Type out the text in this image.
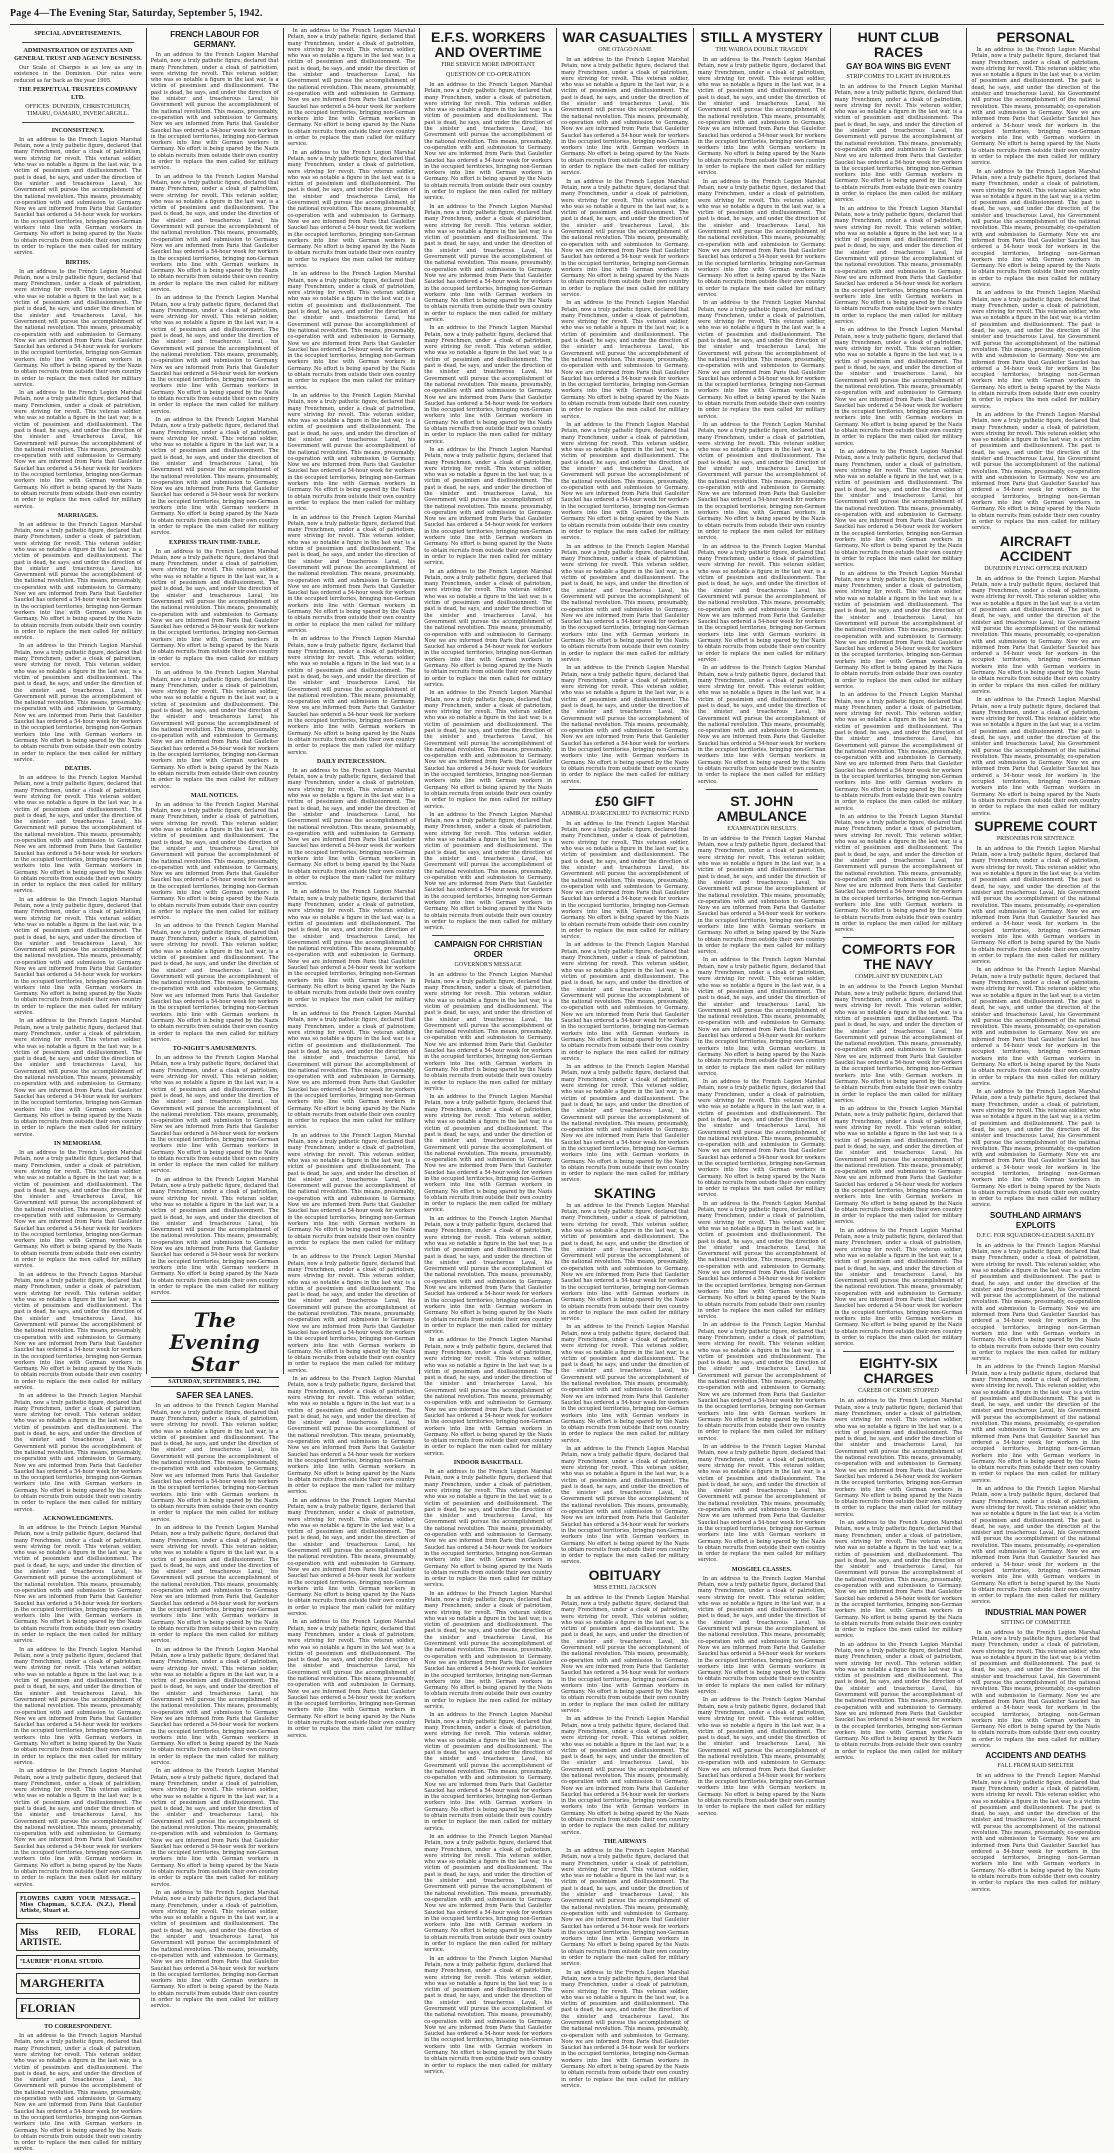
Page 4—The Evening Star, Saturday, September 5, 1942.
SPECIAL ADVERTISEMENTS.
ADMINISTRATION OF ESTATES AND GENERAL TRUST AND AGENCY BUSINESS.

Our Scale of Charges is as low as any in existence in the Dominion. Our rates were reduced as far back as the year 1905.

THE PERPETUAL TRUSTEES COMPANY LTD.
OFFICES: DUNEDIN, CHRISTCHURCH, TIMARU, OAMARU, INVERCARGILL.
INCONSISTENCY.

In an address to the French Legion Marshal Petain, now a truly pathetic figure, declared that many Frenchmen, under a cloak of patriotism, were striving for revolt. This veteran soldier, who was so notable a figure in the last war, is a victim of pessimism and disillusionment. The past is dead, he says, and under the direction of the sinister and treacherous Laval, his Government will pursue the accomplishment of the national revolution. This means, presumably, co-operation with and submission to Germany. Now we are informed from Paris that Gauleiter Sauckel has ordered a 54-hour week for workers in the occupied territories, bringing non-German workers into line with German workers in Germany. No effort is being spared by the Nazis to obtain recruits from outside their own country in order to replace the men called for military service.

BIRTHS.

In an address to the French Legion Marshal Petain, now a truly pathetic figure, declared that many Frenchmen, under a cloak of patriotism, were striving for revolt. This veteran soldier, who was so notable a figure in the last war, is a victim of pessimism and disillusionment. The past is dead, he says, and under the direction of the sinister and treacherous Laval, his Government will pursue the accomplishment of the national revolution. This means, presumably, co-operation with and submission to Germany. Now we are informed from Paris that Gauleiter Sauckel has ordered a 54-hour week for workers in the occupied territories, bringing non-German workers into line with German workers in Germany. No effort is being spared by the Nazis to obtain recruits from outside their own country in order to replace the men called for military service.

In an address to the French Legion Marshal Petain, now a truly pathetic figure, declared that many Frenchmen, under a cloak of patriotism, were striving for revolt. This veteran soldier, who was so notable a figure in the last war, is a victim of pessimism and disillusionment. The past is dead, he says, and under the direction of the sinister and treacherous Laval, his Government will pursue the accomplishment of the national revolution. This means, presumably, co-operation with and submission to Germany. Now we are informed from Paris that Gauleiter Sauckel has ordered a 54-hour week for workers in the occupied territories, bringing non-German workers into line with German workers in Germany. No effort is being spared by the Nazis to obtain recruits from outside their own country in order to replace the men called for military service.

MARRIAGES.

In an address to the French Legion Marshal Petain, now a truly pathetic figure, declared that many Frenchmen, under a cloak of patriotism, were striving for revolt. This veteran soldier, who was so notable a figure in the last war, is a victim of pessimism and disillusionment. The past is dead, he says, and under the direction of the sinister and treacherous Laval, his Government will pursue the accomplishment of the national revolution. This means, presumably, co-operation with and submission to Germany. Now we are informed from Paris that Gauleiter Sauckel has ordered a 54-hour week for workers in the occupied territories, bringing non-German workers into line with German workers in Germany. No effort is being spared by the Nazis to obtain recruits from outside their own country in order to replace the men called for military service.

In an address to the French Legion Marshal Petain, now a truly pathetic figure, declared that many Frenchmen, under a cloak of patriotism, were striving for revolt. This veteran soldier, who was so notable a figure in the last war, is a victim of pessimism and disillusionment. The past is dead, he says, and under the direction of the sinister and treacherous Laval, his Government will pursue the accomplishment of the national revolution. This means, presumably, co-operation with and submission to Germany. Now we are informed from Paris that Gauleiter Sauckel has ordered a 54-hour week for workers in the occupied territories, bringing non-German workers into line with German workers in Germany. No effort is being spared by the Nazis to obtain recruits from outside their own country in order to replace the men called for military service.

DEATHS.

In an address to the French Legion Marshal Petain, now a truly pathetic figure, declared that many Frenchmen, under a cloak of patriotism, were striving for revolt. This veteran soldier, who was so notable a figure in the last war, is a victim of pessimism and disillusionment. The past is dead, he says, and under the direction of the sinister and treacherous Laval, his Government will pursue the accomplishment of the national revolution. This means, presumably, co-operation with and submission to Germany. Now we are informed from Paris that Gauleiter Sauckel has ordered a 54-hour week for workers in the occupied territories, bringing non-German workers into line with German workers in Germany. No effort is being spared by the Nazis to obtain recruits from outside their own country in order to replace the men called for military service.

In an address to the French Legion Marshal Petain, now a truly pathetic figure, declared that many Frenchmen, under a cloak of patriotism, were striving for revolt. This veteran soldier, who was so notable a figure in the last war, is a victim of pessimism and disillusionment. The past is dead, he says, and under the direction of the sinister and treacherous Laval, his Government will pursue the accomplishment of the national revolution. This means, presumably, co-operation with and submission to Germany. Now we are informed from Paris that Gauleiter Sauckel has ordered a 54-hour week for workers in the occupied territories, bringing non-German workers into line with German workers in Germany. No effort is being spared by the Nazis to obtain recruits from outside their own country in order to replace the men called for military service.

In an address to the French Legion Marshal Petain, now a truly pathetic figure, declared that many Frenchmen, under a cloak of patriotism, were striving for revolt. This veteran soldier, who was so notable a figure in the last war, is a victim of pessimism and disillusionment. The past is dead, he says, and under the direction of the sinister and treacherous Laval, his Government will pursue the accomplishment of the national revolution. This means, presumably, co-operation with and submission to Germany. Now we are informed from Paris that Gauleiter Sauckel has ordered a 54-hour week for workers in the occupied territories, bringing non-German workers into line with German workers in Germany. No effort is being spared by the Nazis to obtain recruits from outside their own country in order to replace the men called for military service.

IN MEMORIAM.

In an address to the French Legion Marshal Petain, now a truly pathetic figure, declared that many Frenchmen, under a cloak of patriotism, were striving for revolt. This veteran soldier, who was so notable a figure in the last war, is a victim of pessimism and disillusionment. The past is dead, he says, and under the direction of the sinister and treacherous Laval, his Government will pursue the accomplishment of the national revolution. This means, presumably, co-operation with and submission to Germany. Now we are informed from Paris that Gauleiter Sauckel has ordered a 54-hour week for workers in the occupied territories, bringing non-German workers into line with German workers in Germany. No effort is being spared by the Nazis to obtain recruits from outside their own country in order to replace the men called for military service.

In an address to the French Legion Marshal Petain, now a truly pathetic figure, declared that many Frenchmen, under a cloak of patriotism, were striving for revolt. This veteran soldier, who was so notable a figure in the last war, is a victim of pessimism and disillusionment. The past is dead, he says, and under the direction of the sinister and treacherous Laval, his Government will pursue the accomplishment of the national revolution. This means, presumably, co-operation with and submission to Germany. Now we are informed from Paris that Gauleiter Sauckel has ordered a 54-hour week for workers in the occupied territories, bringing non-German workers into line with German workers in Germany. No effort is being spared by the Nazis to obtain recruits from outside their own country in order to replace the men called for military service.

In an address to the French Legion Marshal Petain, now a truly pathetic figure, declared that many Frenchmen, under a cloak of patriotism, were striving for revolt. This veteran soldier, who was so notable a figure in the last war, is a victim of pessimism and disillusionment. The past is dead, he says, and under the direction of the sinister and treacherous Laval, his Government will pursue the accomplishment of the national revolution. This means, presumably, co-operation with and submission to Germany. Now we are informed from Paris that Gauleiter Sauckel has ordered a 54-hour week for workers in the occupied territories, bringing non-German workers into line with German workers in Germany. No effort is being spared by the Nazis to obtain recruits from outside their own country in order to replace the men called for military service.

ACKNOWLEDGMENTS.

In an address to the French Legion Marshal Petain, now a truly pathetic figure, declared that many Frenchmen, under a cloak of patriotism, were striving for revolt. This veteran soldier, who was so notable a figure in the last war, is a victim of pessimism and disillusionment. The past is dead, he says, and under the direction of the sinister and treacherous Laval, his Government will pursue the accomplishment of the national revolution. This means, presumably, co-operation with and submission to Germany. Now we are informed from Paris that Gauleiter Sauckel has ordered a 54-hour week for workers in the occupied territories, bringing non-German workers into line with German workers in Germany. No effort is being spared by the Nazis to obtain recruits from outside their own country in order to replace the men called for military service.

In an address to the French Legion Marshal Petain, now a truly pathetic figure, declared that many Frenchmen, under a cloak of patriotism, were striving for revolt. This veteran soldier, who was so notable a figure in the last war, is a victim of pessimism and disillusionment. The past is dead, he says, and under the direction of the sinister and treacherous Laval, his Government will pursue the accomplishment of the national revolution. This means, presumably, co-operation with and submission to Germany. Now we are informed from Paris that Gauleiter Sauckel has ordered a 54-hour week for workers in the occupied territories, bringing non-German workers into line with German workers in Germany. No effort is being spared by the Nazis to obtain recruits from outside their own country in order to replace the men called for military service.

In an address to the French Legion Marshal Petain, now a truly pathetic figure, declared that many Frenchmen, under a cloak of patriotism, were striving for revolt. This veteran soldier, who was so notable a figure in the last war, is a victim of pessimism and disillusionment. The past is dead, he says, and under the direction of the sinister and treacherous Laval, his Government will pursue the accomplishment of the national revolution. This means, presumably, co-operation with and submission to Germany. Now we are informed from Paris that Gauleiter Sauckel has ordered a 54-hour week for workers in the occupied territories, bringing non-German workers into line with German workers in Germany. No effort is being spared by the Nazis to obtain recruits from outside their own country in order to replace the men called for military service.

FLOWERS CARRY YOUR MESSAGE.—Miss Chapman, S.C.F.A. (N.Z.), Floral Artiste, Stuart st.
Miss REID, FLORAL ARTISTE.
"LAURIER" FLORAL STUDIO.
MARGHERITA
FLORIAN
TO CORRESPONDENT.

In an address to the French Legion Marshal Petain, now a truly pathetic figure, declared that many Frenchmen, under a cloak of patriotism, were striving for revolt. This veteran soldier, who was so notable a figure in the last war, is a victim of pessimism and disillusionment. The past is dead, he says, and under the direction of the sinister and treacherous Laval, his Government will pursue the accomplishment of the national revolution. This means, presumably, co-operation with and submission to Germany. Now we are informed from Paris that Gauleiter Sauckel has ordered a 54-hour week for workers in the occupied territories, bringing non-German workers into line with German workers in Germany. No effort is being spared by the Nazis to obtain recruits from outside their own country in order to replace the men called for military service.

FRENCH LABOUR FOR GERMANY.

In an address to the French Legion Marshal Petain, now a truly pathetic figure, declared that many Frenchmen, under a cloak of patriotism, were striving for revolt. This veteran soldier, who was so notable a figure in the last war, is a victim of pessimism and disillusionment. The past is dead, he says, and under the direction of the sinister and treacherous Laval, his Government will pursue the accomplishment of the national revolution. This means, presumably, co-operation with and submission to Germany. Now we are informed from Paris that Gauleiter Sauckel has ordered a 54-hour week for workers in the occupied territories, bringing non-German workers into line with German workers in Germany. No effort is being spared by the Nazis to obtain recruits from outside their own country in order to replace the men called for military service.

In an address to the French Legion Marshal Petain, now a truly pathetic figure, declared that many Frenchmen, under a cloak of patriotism, were striving for revolt. This veteran soldier, who was so notable a figure in the last war, is a victim of pessimism and disillusionment. The past is dead, he says, and under the direction of the sinister and treacherous Laval, his Government will pursue the accomplishment of the national revolution. This means, presumably, co-operation with and submission to Germany. Now we are informed from Paris that Gauleiter Sauckel has ordered a 54-hour week for workers in the occupied territories, bringing non-German workers into line with German workers in Germany. No effort is being spared by the Nazis to obtain recruits from outside their own country in order to replace the men called for military service.

In an address to the French Legion Marshal Petain, now a truly pathetic figure, declared that many Frenchmen, under a cloak of patriotism, were striving for revolt. This veteran soldier, who was so notable a figure in the last war, is a victim of pessimism and disillusionment. The past is dead, he says, and under the direction of the sinister and treacherous Laval, his Government will pursue the accomplishment of the national revolution. This means, presumably, co-operation with and submission to Germany. Now we are informed from Paris that Gauleiter Sauckel has ordered a 54-hour week for workers in the occupied territories, bringing non-German workers into line with German workers in Germany. No effort is being spared by the Nazis to obtain recruits from outside their own country in order to replace the men called for military service.

In an address to the French Legion Marshal Petain, now a truly pathetic figure, declared that many Frenchmen, under a cloak of patriotism, were striving for revolt. This veteran soldier, who was so notable a figure in the last war, is a victim of pessimism and disillusionment. The past is dead, he says, and under the direction of the sinister and treacherous Laval, his Government will pursue the accomplishment of the national revolution. This means, presumably, co-operation with and submission to Germany. Now we are informed from Paris that Gauleiter Sauckel has ordered a 54-hour week for workers in the occupied territories, bringing non-German workers into line with German workers in Germany. No effort is being spared by the Nazis to obtain recruits from outside their own country in order to replace the men called for military service.

EXPRESS TRAIN TIME-TABLE.

In an address to the French Legion Marshal Petain, now a truly pathetic figure, declared that many Frenchmen, under a cloak of patriotism, were striving for revolt. This veteran soldier, who was so notable a figure in the last war, is a victim of pessimism and disillusionment. The past is dead, he says, and under the direction of the sinister and treacherous Laval, his Government will pursue the accomplishment of the national revolution. This means, presumably, co-operation with and submission to Germany. Now we are informed from Paris that Gauleiter Sauckel has ordered a 54-hour week for workers in the occupied territories, bringing non-German workers into line with German workers in Germany. No effort is being spared by the Nazis to obtain recruits from outside their own country in order to replace the men called for military service.

In an address to the French Legion Marshal Petain, now a truly pathetic figure, declared that many Frenchmen, under a cloak of patriotism, were striving for revolt. This veteran soldier, who was so notable a figure in the last war, is a victim of pessimism and disillusionment. The past is dead, he says, and under the direction of the sinister and treacherous Laval, his Government will pursue the accomplishment of the national revolution. This means, presumably, co-operation with and submission to Germany. Now we are informed from Paris that Gauleiter Sauckel has ordered a 54-hour week for workers in the occupied territories, bringing non-German workers into line with German workers in Germany. No effort is being spared by the Nazis to obtain recruits from outside their own country in order to replace the men called for military service.

MAIL NOTICES.

In an address to the French Legion Marshal Petain, now a truly pathetic figure, declared that many Frenchmen, under a cloak of patriotism, were striving for revolt. This veteran soldier, who was so notable a figure in the last war, is a victim of pessimism and disillusionment. The past is dead, he says, and under the direction of the sinister and treacherous Laval, his Government will pursue the accomplishment of the national revolution. This means, presumably, co-operation with and submission to Germany. Now we are informed from Paris that Gauleiter Sauckel has ordered a 54-hour week for workers in the occupied territories, bringing non-German workers into line with German workers in Germany. No effort is being spared by the Nazis to obtain recruits from outside their own country in order to replace the men called for military service.

In an address to the French Legion Marshal Petain, now a truly pathetic figure, declared that many Frenchmen, under a cloak of patriotism, were striving for revolt. This veteran soldier, who was so notable a figure in the last war, is a victim of pessimism and disillusionment. The past is dead, he says, and under the direction of the sinister and treacherous Laval, his Government will pursue the accomplishment of the national revolution. This means, presumably, co-operation with and submission to Germany. Now we are informed from Paris that Gauleiter Sauckel has ordered a 54-hour week for workers in the occupied territories, bringing non-German workers into line with German workers in Germany. No effort is being spared by the Nazis to obtain recruits from outside their own country in order to replace the men called for military service.

TO-NIGHT'S AMUSEMENTS.

In an address to the French Legion Marshal Petain, now a truly pathetic figure, declared that many Frenchmen, under a cloak of patriotism, were striving for revolt. This veteran soldier, who was so notable a figure in the last war, is a victim of pessimism and disillusionment. The past is dead, he says, and under the direction of the sinister and treacherous Laval, his Government will pursue the accomplishment of the national revolution. This means, presumably, co-operation with and submission to Germany. Now we are informed from Paris that Gauleiter Sauckel has ordered a 54-hour week for workers in the occupied territories, bringing non-German workers into line with German workers in Germany. No effort is being spared by the Nazis to obtain recruits from outside their own country in order to replace the men called for military service.

In an address to the French Legion Marshal Petain, now a truly pathetic figure, declared that many Frenchmen, under a cloak of patriotism, were striving for revolt. This veteran soldier, who was so notable a figure in the last war, is a victim of pessimism and disillusionment. The past is dead, he says, and under the direction of the sinister and treacherous Laval, his Government will pursue the accomplishment of the national revolution. This means, presumably, co-operation with and submission to Germany. Now we are informed from Paris that Gauleiter Sauckel has ordered a 54-hour week for workers in the occupied territories, bringing non-German workers into line with German workers in Germany. No effort is being spared by the Nazis to obtain recruits from outside their own country in order to replace the men called for military service.

The Evening Star
SATURDAY, SEPTEMBER 5, 1942.
SAFER SEA LANES.

In an address to the French Legion Marshal Petain, now a truly pathetic figure, declared that many Frenchmen, under a cloak of patriotism, were striving for revolt. This veteran soldier, who was so notable a figure in the last war, is a victim of pessimism and disillusionment. The past is dead, he says, and under the direction of the sinister and treacherous Laval, his Government will pursue the accomplishment of the national revolution. This means, presumably, co-operation with and submission to Germany. Now we are informed from Paris that Gauleiter Sauckel has ordered a 54-hour week for workers in the occupied territories, bringing non-German workers into line with German workers in Germany. No effort is being spared by the Nazis to obtain recruits from outside their own country in order to replace the men called for military service.

In an address to the French Legion Marshal Petain, now a truly pathetic figure, declared that many Frenchmen, under a cloak of patriotism, were striving for revolt. This veteran soldier, who was so notable a figure in the last war, is a victim of pessimism and disillusionment. The past is dead, he says, and under the direction of the sinister and treacherous Laval, his Government will pursue the accomplishment of the national revolution. This means, presumably, co-operation with and submission to Germany. Now we are informed from Paris that Gauleiter Sauckel has ordered a 54-hour week for workers in the occupied territories, bringing non-German workers into line with German workers in Germany. No effort is being spared by the Nazis to obtain recruits from outside their own country in order to replace the men called for military service.

In an address to the French Legion Marshal Petain, now a truly pathetic figure, declared that many Frenchmen, under a cloak of patriotism, were striving for revolt. This veteran soldier, who was so notable a figure in the last war, is a victim of pessimism and disillusionment. The past is dead, he says, and under the direction of the sinister and treacherous Laval, his Government will pursue the accomplishment of the national revolution. This means, presumably, co-operation with and submission to Germany. Now we are informed from Paris that Gauleiter Sauckel has ordered a 54-hour week for workers in the occupied territories, bringing non-German workers into line with German workers in Germany. No effort is being spared by the Nazis to obtain recruits from outside their own country in order to replace the men called for military service.

In an address to the French Legion Marshal Petain, now a truly pathetic figure, declared that many Frenchmen, under a cloak of patriotism, were striving for revolt. This veteran soldier, who was so notable a figure in the last war, is a victim of pessimism and disillusionment. The past is dead, he says, and under the direction of the sinister and treacherous Laval, his Government will pursue the accomplishment of the national revolution. This means, presumably, co-operation with and submission to Germany. Now we are informed from Paris that Gauleiter Sauckel has ordered a 54-hour week for workers in the occupied territories, bringing non-German workers into line with German workers in Germany. No effort is being spared by the Nazis to obtain recruits from outside their own country in order to replace the men called for military service.

In an address to the French Legion Marshal Petain, now a truly pathetic figure, declared that many Frenchmen, under a cloak of patriotism, were striving for revolt. This veteran soldier, who was so notable a figure in the last war, is a victim of pessimism and disillusionment. The past is dead, he says, and under the direction of the sinister and treacherous Laval, his Government will pursue the accomplishment of the national revolution. This means, presumably, co-operation with and submission to Germany. Now we are informed from Paris that Gauleiter Sauckel has ordered a 54-hour week for workers in the occupied territories, bringing non-German workers into line with German workers in Germany. No effort is being spared by the Nazis to obtain recruits from outside their own country in order to replace the men called for military service.

In an address to the French Legion Marshal Petain, now a truly pathetic figure, declared that many Frenchmen, under a cloak of patriotism, were striving for revolt. This veteran soldier, who was so notable a figure in the last war, is a victim of pessimism and disillusionment. The past is dead, he says, and under the direction of the sinister and treacherous Laval, his Government will pursue the accomplishment of the national revolution. This means, presumably, co-operation with and submission to Germany. Now we are informed from Paris that Gauleiter Sauckel has ordered a 54-hour week for workers in the occupied territories, bringing non-German workers into line with German workers in Germany. No effort is being spared by the Nazis to obtain recruits from outside their own country in order to replace the men called for military service.

In an address to the French Legion Marshal Petain, now a truly pathetic figure, declared that many Frenchmen, under a cloak of patriotism, were striving for revolt. This veteran soldier, who was so notable a figure in the last war, is a victim of pessimism and disillusionment. The past is dead, he says, and under the direction of the sinister and treacherous Laval, his Government will pursue the accomplishment of the national revolution. This means, presumably, co-operation with and submission to Germany. Now we are informed from Paris that Gauleiter Sauckel has ordered a 54-hour week for workers in the occupied territories, bringing non-German workers into line with German workers in Germany. No effort is being spared by the Nazis to obtain recruits from outside their own country in order to replace the men called for military service.

In an address to the French Legion Marshal Petain, now a truly pathetic figure, declared that many Frenchmen, under a cloak of patriotism, were striving for revolt. This veteran soldier, who was so notable a figure in the last war, is a victim of pessimism and disillusionment. The past is dead, he says, and under the direction of the sinister and treacherous Laval, his Government will pursue the accomplishment of the national revolution. This means, presumably, co-operation with and submission to Germany. Now we are informed from Paris that Gauleiter Sauckel has ordered a 54-hour week for workers in the occupied territories, bringing non-German workers into line with German workers in Germany. No effort is being spared by the Nazis to obtain recruits from outside their own country in order to replace the men called for military service.

In an address to the French Legion Marshal Petain, now a truly pathetic figure, declared that many Frenchmen, under a cloak of patriotism, were striving for revolt. This veteran soldier, who was so notable a figure in the last war, is a victim of pessimism and disillusionment. The past is dead, he says, and under the direction of the sinister and treacherous Laval, his Government will pursue the accomplishment of the national revolution. This means, presumably, co-operation with and submission to Germany. Now we are informed from Paris that Gauleiter Sauckel has ordered a 54-hour week for workers in the occupied territories, bringing non-German workers into line with German workers in Germany. No effort is being spared by the Nazis to obtain recruits from outside their own country in order to replace the men called for military service.

In an address to the French Legion Marshal Petain, now a truly pathetic figure, declared that many Frenchmen, under a cloak of patriotism, were striving for revolt. This veteran soldier, who was so notable a figure in the last war, is a victim of pessimism and disillusionment. The past is dead, he says, and under the direction of the sinister and treacherous Laval, his Government will pursue the accomplishment of the national revolution. This means, presumably, co-operation with and submission to Germany. Now we are informed from Paris that Gauleiter Sauckel has ordered a 54-hour week for workers in the occupied territories, bringing non-German workers into line with German workers in Germany. No effort is being spared by the Nazis to obtain recruits from outside their own country in order to replace the men called for military service.

In an address to the French Legion Marshal Petain, now a truly pathetic figure, declared that many Frenchmen, under a cloak of patriotism, were striving for revolt. This veteran soldier, who was so notable a figure in the last war, is a victim of pessimism and disillusionment. The past is dead, he says, and under the direction of the sinister and treacherous Laval, his Government will pursue the accomplishment of the national revolution. This means, presumably, co-operation with and submission to Germany. Now we are informed from Paris that Gauleiter Sauckel has ordered a 54-hour week for workers in the occupied territories, bringing non-German workers into line with German workers in Germany. No effort is being spared by the Nazis to obtain recruits from outside their own country in order to replace the men called for military service.

DAILY INTERCESSION.

In an address to the French Legion Marshal Petain, now a truly pathetic figure, declared that many Frenchmen, under a cloak of patriotism, were striving for revolt. This veteran soldier, who was so notable a figure in the last war, is a victim of pessimism and disillusionment. The past is dead, he says, and under the direction of the sinister and treacherous Laval, his Government will pursue the accomplishment of the national revolution. This means, presumably, co-operation with and submission to Germany. Now we are informed from Paris that Gauleiter Sauckel has ordered a 54-hour week for workers in the occupied territories, bringing non-German workers into line with German workers in Germany. No effort is being spared by the Nazis to obtain recruits from outside their own country in order to replace the men called for military service.

In an address to the French Legion Marshal Petain, now a truly pathetic figure, declared that many Frenchmen, under a cloak of patriotism, were striving for revolt. This veteran soldier, who was so notable a figure in the last war, is a victim of pessimism and disillusionment. The past is dead, he says, and under the direction of the sinister and treacherous Laval, his Government will pursue the accomplishment of the national revolution. This means, presumably, co-operation with and submission to Germany. Now we are informed from Paris that Gauleiter Sauckel has ordered a 54-hour week for workers in the occupied territories, bringing non-German workers into line with German workers in Germany. No effort is being spared by the Nazis to obtain recruits from outside their own country in order to replace the men called for military service.

In an address to the French Legion Marshal Petain, now a truly pathetic figure, declared that many Frenchmen, under a cloak of patriotism, were striving for revolt. This veteran soldier, who was so notable a figure in the last war, is a victim of pessimism and disillusionment. The past is dead, he says, and under the direction of the sinister and treacherous Laval, his Government will pursue the accomplishment of the national revolution. This means, presumably, co-operation with and submission to Germany. Now we are informed from Paris that Gauleiter Sauckel has ordered a 54-hour week for workers in the occupied territories, bringing non-German workers into line with German workers in Germany. No effort is being spared by the Nazis to obtain recruits from outside their own country in order to replace the men called for military service.

In an address to the French Legion Marshal Petain, now a truly pathetic figure, declared that many Frenchmen, under a cloak of patriotism, were striving for revolt. This veteran soldier, who was so notable a figure in the last war, is a victim of pessimism and disillusionment. The past is dead, he says, and under the direction of the sinister and treacherous Laval, his Government will pursue the accomplishment of the national revolution. This means, presumably, co-operation with and submission to Germany. Now we are informed from Paris that Gauleiter Sauckel has ordered a 54-hour week for workers in the occupied territories, bringing non-German workers into line with German workers in Germany. No effort is being spared by the Nazis to obtain recruits from outside their own country in order to replace the men called for military service.

In an address to the French Legion Marshal Petain, now a truly pathetic figure, declared that many Frenchmen, under a cloak of patriotism, were striving for revolt. This veteran soldier, who was so notable a figure in the last war, is a victim of pessimism and disillusionment. The past is dead, he says, and under the direction of the sinister and treacherous Laval, his Government will pursue the accomplishment of the national revolution. This means, presumably, co-operation with and submission to Germany. Now we are informed from Paris that Gauleiter Sauckel has ordered a 54-hour week for workers in the occupied territories, bringing non-German workers into line with German workers in Germany. No effort is being spared by the Nazis to obtain recruits from outside their own country in order to replace the men called for military service.

In an address to the French Legion Marshal Petain, now a truly pathetic figure, declared that many Frenchmen, under a cloak of patriotism, were striving for revolt. This veteran soldier, who was so notable a figure in the last war, is a victim of pessimism and disillusionment. The past is dead, he says, and under the direction of the sinister and treacherous Laval, his Government will pursue the accomplishment of the national revolution. This means, presumably, co-operation with and submission to Germany. Now we are informed from Paris that Gauleiter Sauckel has ordered a 54-hour week for workers in the occupied territories, bringing non-German workers into line with German workers in Germany. No effort is being spared by the Nazis to obtain recruits from outside their own country in order to replace the men called for military service.

In an address to the French Legion Marshal Petain, now a truly pathetic figure, declared that many Frenchmen, under a cloak of patriotism, were striving for revolt. This veteran soldier, who was so notable a figure in the last war, is a victim of pessimism and disillusionment. The past is dead, he says, and under the direction of the sinister and treacherous Laval, his Government will pursue the accomplishment of the national revolution. This means, presumably, co-operation with and submission to Germany. Now we are informed from Paris that Gauleiter Sauckel has ordered a 54-hour week for workers in the occupied territories, bringing non-German workers into line with German workers in Germany. No effort is being spared by the Nazis to obtain recruits from outside their own country in order to replace the men called for military service.

In an address to the French Legion Marshal Petain, now a truly pathetic figure, declared that many Frenchmen, under a cloak of patriotism, were striving for revolt. This veteran soldier, who was so notable a figure in the last war, is a victim of pessimism and disillusionment. The past is dead, he says, and under the direction of the sinister and treacherous Laval, his Government will pursue the accomplishment of the national revolution. This means, presumably, co-operation with and submission to Germany. Now we are informed from Paris that Gauleiter Sauckel has ordered a 54-hour week for workers in the occupied territories, bringing non-German workers into line with German workers in Germany. No effort is being spared by the Nazis to obtain recruits from outside their own country in order to replace the men called for military service.

E.F.S. WORKERS AND OVERTIME
FIRE SERVICE MORE IMPORTANT
QUESTION OF CO-OPERATION

In an address to the French Legion Marshal Petain, now a truly pathetic figure, declared that many Frenchmen, under a cloak of patriotism, were striving for revolt. This veteran soldier, who was so notable a figure in the last war, is a victim of pessimism and disillusionment. The past is dead, he says, and under the direction of the sinister and treacherous Laval, his Government will pursue the accomplishment of the national revolution. This means, presumably, co-operation with and submission to Germany. Now we are informed from Paris that Gauleiter Sauckel has ordered a 54-hour week for workers in the occupied territories, bringing non-German workers into line with German workers in Germany. No effort is being spared by the Nazis to obtain recruits from outside their own country in order to replace the men called for military service.

In an address to the French Legion Marshal Petain, now a truly pathetic figure, declared that many Frenchmen, under a cloak of patriotism, were striving for revolt. This veteran soldier, who was so notable a figure in the last war, is a victim of pessimism and disillusionment. The past is dead, he says, and under the direction of the sinister and treacherous Laval, his Government will pursue the accomplishment of the national revolution. This means, presumably, co-operation with and submission to Germany. Now we are informed from Paris that Gauleiter Sauckel has ordered a 54-hour week for workers in the occupied territories, bringing non-German workers into line with German workers in Germany. No effort is being spared by the Nazis to obtain recruits from outside their own country in order to replace the men called for military service.

In an address to the French Legion Marshal Petain, now a truly pathetic figure, declared that many Frenchmen, under a cloak of patriotism, were striving for revolt. This veteran soldier, who was so notable a figure in the last war, is a victim of pessimism and disillusionment. The past is dead, he says, and under the direction of the sinister and treacherous Laval, his Government will pursue the accomplishment of the national revolution. This means, presumably, co-operation with and submission to Germany. Now we are informed from Paris that Gauleiter Sauckel has ordered a 54-hour week for workers in the occupied territories, bringing non-German workers into line with German workers in Germany. No effort is being spared by the Nazis to obtain recruits from outside their own country in order to replace the men called for military service.

In an address to the French Legion Marshal Petain, now a truly pathetic figure, declared that many Frenchmen, under a cloak of patriotism, were striving for revolt. This veteran soldier, who was so notable a figure in the last war, is a victim of pessimism and disillusionment. The past is dead, he says, and under the direction of the sinister and treacherous Laval, his Government will pursue the accomplishment of the national revolution. This means, presumably, co-operation with and submission to Germany. Now we are informed from Paris that Gauleiter Sauckel has ordered a 54-hour week for workers in the occupied territories, bringing non-German workers into line with German workers in Germany. No effort is being spared by the Nazis to obtain recruits from outside their own country in order to replace the men called for military service.

In an address to the French Legion Marshal Petain, now a truly pathetic figure, declared that many Frenchmen, under a cloak of patriotism, were striving for revolt. This veteran soldier, who was so notable a figure in the last war, is a victim of pessimism and disillusionment. The past is dead, he says, and under the direction of the sinister and treacherous Laval, his Government will pursue the accomplishment of the national revolution. This means, presumably, co-operation with and submission to Germany. Now we are informed from Paris that Gauleiter Sauckel has ordered a 54-hour week for workers in the occupied territories, bringing non-German workers into line with German workers in Germany. No effort is being spared by the Nazis to obtain recruits from outside their own country in order to replace the men called for military service.

In an address to the French Legion Marshal Petain, now a truly pathetic figure, declared that many Frenchmen, under a cloak of patriotism, were striving for revolt. This veteran soldier, who was so notable a figure in the last war, is a victim of pessimism and disillusionment. The past is dead, he says, and under the direction of the sinister and treacherous Laval, his Government will pursue the accomplishment of the national revolution. This means, presumably, co-operation with and submission to Germany. Now we are informed from Paris that Gauleiter Sauckel has ordered a 54-hour week for workers in the occupied territories, bringing non-German workers into line with German workers in Germany. No effort is being spared by the Nazis to obtain recruits from outside their own country in order to replace the men called for military service.

In an address to the French Legion Marshal Petain, now a truly pathetic figure, declared that many Frenchmen, under a cloak of patriotism, were striving for revolt. This veteran soldier, who was so notable a figure in the last war, is a victim of pessimism and disillusionment. The past is dead, he says, and under the direction of the sinister and treacherous Laval, his Government will pursue the accomplishment of the national revolution. This means, presumably, co-operation with and submission to Germany. Now we are informed from Paris that Gauleiter Sauckel has ordered a 54-hour week for workers in the occupied territories, bringing non-German workers into line with German workers in Germany. No effort is being spared by the Nazis to obtain recruits from outside their own country in order to replace the men called for military service.

CAMPAIGN FOR CHRISTIAN ORDER
GOVERNOR'S MESSAGE

In an address to the French Legion Marshal Petain, now a truly pathetic figure, declared that many Frenchmen, under a cloak of patriotism, were striving for revolt. This veteran soldier, who was so notable a figure in the last war, is a victim of pessimism and disillusionment. The past is dead, he says, and under the direction of the sinister and treacherous Laval, his Government will pursue the accomplishment of the national revolution. This means, presumably, co-operation with and submission to Germany. Now we are informed from Paris that Gauleiter Sauckel has ordered a 54-hour week for workers in the occupied territories, bringing non-German workers into line with German workers in Germany. No effort is being spared by the Nazis to obtain recruits from outside their own country in order to replace the men called for military service.

In an address to the French Legion Marshal Petain, now a truly pathetic figure, declared that many Frenchmen, under a cloak of patriotism, were striving for revolt. This veteran soldier, who was so notable a figure in the last war, is a victim of pessimism and disillusionment. The past is dead, he says, and under the direction of the sinister and treacherous Laval, his Government will pursue the accomplishment of the national revolution. This means, presumably, co-operation with and submission to Germany. Now we are informed from Paris that Gauleiter Sauckel has ordered a 54-hour week for workers in the occupied territories, bringing non-German workers into line with German workers in Germany. No effort is being spared by the Nazis to obtain recruits from outside their own country in order to replace the men called for military service.

In an address to the French Legion Marshal Petain, now a truly pathetic figure, declared that many Frenchmen, under a cloak of patriotism, were striving for revolt. This veteran soldier, who was so notable a figure in the last war, is a victim of pessimism and disillusionment. The past is dead, he says, and under the direction of the sinister and treacherous Laval, his Government will pursue the accomplishment of the national revolution. This means, presumably, co-operation with and submission to Germany. Now we are informed from Paris that Gauleiter Sauckel has ordered a 54-hour week for workers in the occupied territories, bringing non-German workers into line with German workers in Germany. No effort is being spared by the Nazis to obtain recruits from outside their own country in order to replace the men called for military service.

In an address to the French Legion Marshal Petain, now a truly pathetic figure, declared that many Frenchmen, under a cloak of patriotism, were striving for revolt. This veteran soldier, who was so notable a figure in the last war, is a victim of pessimism and disillusionment. The past is dead, he says, and under the direction of the sinister and treacherous Laval, his Government will pursue the accomplishment of the national revolution. This means, presumably, co-operation with and submission to Germany. Now we are informed from Paris that Gauleiter Sauckel has ordered a 54-hour week for workers in the occupied territories, bringing non-German workers into line with German workers in Germany. No effort is being spared by the Nazis to obtain recruits from outside their own country in order to replace the men called for military service.

INDOOR BASKETBALL

In an address to the French Legion Marshal Petain, now a truly pathetic figure, declared that many Frenchmen, under a cloak of patriotism, were striving for revolt. This veteran soldier, who was so notable a figure in the last war, is a victim of pessimism and disillusionment. The past is dead, he says, and under the direction of the sinister and treacherous Laval, his Government will pursue the accomplishment of the national revolution. This means, presumably, co-operation with and submission to Germany. Now we are informed from Paris that Gauleiter Sauckel has ordered a 54-hour week for workers in the occupied territories, bringing non-German workers into line with German workers in Germany. No effort is being spared by the Nazis to obtain recruits from outside their own country in order to replace the men called for military service.

In an address to the French Legion Marshal Petain, now a truly pathetic figure, declared that many Frenchmen, under a cloak of patriotism, were striving for revolt. This veteran soldier, who was so notable a figure in the last war, is a victim of pessimism and disillusionment. The past is dead, he says, and under the direction of the sinister and treacherous Laval, his Government will pursue the accomplishment of the national revolution. This means, presumably, co-operation with and submission to Germany. Now we are informed from Paris that Gauleiter Sauckel has ordered a 54-hour week for workers in the occupied territories, bringing non-German workers into line with German workers in Germany. No effort is being spared by the Nazis to obtain recruits from outside their own country in order to replace the men called for military service.

In an address to the French Legion Marshal Petain, now a truly pathetic figure, declared that many Frenchmen, under a cloak of patriotism, were striving for revolt. This veteran soldier, who was so notable a figure in the last war, is a victim of pessimism and disillusionment. The past is dead, he says, and under the direction of the sinister and treacherous Laval, his Government will pursue the accomplishment of the national revolution. This means, presumably, co-operation with and submission to Germany. Now we are informed from Paris that Gauleiter Sauckel has ordered a 54-hour week for workers in the occupied territories, bringing non-German workers into line with German workers in Germany. No effort is being spared by the Nazis to obtain recruits from outside their own country in order to replace the men called for military service.

In an address to the French Legion Marshal Petain, now a truly pathetic figure, declared that many Frenchmen, under a cloak of patriotism, were striving for revolt. This veteran soldier, who was so notable a figure in the last war, is a victim of pessimism and disillusionment. The past is dead, he says, and under the direction of the sinister and treacherous Laval, his Government will pursue the accomplishment of the national revolution. This means, presumably, co-operation with and submission to Germany. Now we are informed from Paris that Gauleiter Sauckel has ordered a 54-hour week for workers in the occupied territories, bringing non-German workers into line with German workers in Germany. No effort is being spared by the Nazis to obtain recruits from outside their own country in order to replace the men called for military service.

In an address to the French Legion Marshal Petain, now a truly pathetic figure, declared that many Frenchmen, under a cloak of patriotism, were striving for revolt. This veteran soldier, who was so notable a figure in the last war, is a victim of pessimism and disillusionment. The past is dead, he says, and under the direction of the sinister and treacherous Laval, his Government will pursue the accomplishment of the national revolution. This means, presumably, co-operation with and submission to Germany. Now we are informed from Paris that Gauleiter Sauckel has ordered a 54-hour week for workers in the occupied territories, bringing non-German workers into line with German workers in Germany. No effort is being spared by the Nazis to obtain recruits from outside their own country in order to replace the men called for military service.

WAR CASUALTIES
ONE OTAGO NAME

In an address to the French Legion Marshal Petain, now a truly pathetic figure, declared that many Frenchmen, under a cloak of patriotism, were striving for revolt. This veteran soldier, who was so notable a figure in the last war, is a victim of pessimism and disillusionment. The past is dead, he says, and under the direction of the sinister and treacherous Laval, his Government will pursue the accomplishment of the national revolution. This means, presumably, co-operation with and submission to Germany. Now we are informed from Paris that Gauleiter Sauckel has ordered a 54-hour week for workers in the occupied territories, bringing non-German workers into line with German workers in Germany. No effort is being spared by the Nazis to obtain recruits from outside their own country in order to replace the men called for military service.

In an address to the French Legion Marshal Petain, now a truly pathetic figure, declared that many Frenchmen, under a cloak of patriotism, were striving for revolt. This veteran soldier, who was so notable a figure in the last war, is a victim of pessimism and disillusionment. The past is dead, he says, and under the direction of the sinister and treacherous Laval, his Government will pursue the accomplishment of the national revolution. This means, presumably, co-operation with and submission to Germany. Now we are informed from Paris that Gauleiter Sauckel has ordered a 54-hour week for workers in the occupied territories, bringing non-German workers into line with German workers in Germany. No effort is being spared by the Nazis to obtain recruits from outside their own country in order to replace the men called for military service.

In an address to the French Legion Marshal Petain, now a truly pathetic figure, declared that many Frenchmen, under a cloak of patriotism, were striving for revolt. This veteran soldier, who was so notable a figure in the last war, is a victim of pessimism and disillusionment. The past is dead, he says, and under the direction of the sinister and treacherous Laval, his Government will pursue the accomplishment of the national revolution. This means, presumably, co-operation with and submission to Germany. Now we are informed from Paris that Gauleiter Sauckel has ordered a 54-hour week for workers in the occupied territories, bringing non-German workers into line with German workers in Germany. No effort is being spared by the Nazis to obtain recruits from outside their own country in order to replace the men called for military service.

In an address to the French Legion Marshal Petain, now a truly pathetic figure, declared that many Frenchmen, under a cloak of patriotism, were striving for revolt. This veteran soldier, who was so notable a figure in the last war, is a victim of pessimism and disillusionment. The past is dead, he says, and under the direction of the sinister and treacherous Laval, his Government will pursue the accomplishment of the national revolution. This means, presumably, co-operation with and submission to Germany. Now we are informed from Paris that Gauleiter Sauckel has ordered a 54-hour week for workers in the occupied territories, bringing non-German workers into line with German workers in Germany. No effort is being spared by the Nazis to obtain recruits from outside their own country in order to replace the men called for military service.

In an address to the French Legion Marshal Petain, now a truly pathetic figure, declared that many Frenchmen, under a cloak of patriotism, were striving for revolt. This veteran soldier, who was so notable a figure in the last war, is a victim of pessimism and disillusionment. The past is dead, he says, and under the direction of the sinister and treacherous Laval, his Government will pursue the accomplishment of the national revolution. This means, presumably, co-operation with and submission to Germany. Now we are informed from Paris that Gauleiter Sauckel has ordered a 54-hour week for workers in the occupied territories, bringing non-German workers into line with German workers in Germany. No effort is being spared by the Nazis to obtain recruits from outside their own country in order to replace the men called for military service.

In an address to the French Legion Marshal Petain, now a truly pathetic figure, declared that many Frenchmen, under a cloak of patriotism, were striving for revolt. This veteran soldier, who was so notable a figure in the last war, is a victim of pessimism and disillusionment. The past is dead, he says, and under the direction of the sinister and treacherous Laval, his Government will pursue the accomplishment of the national revolution. This means, presumably, co-operation with and submission to Germany. Now we are informed from Paris that Gauleiter Sauckel has ordered a 54-hour week for workers in the occupied territories, bringing non-German workers into line with German workers in Germany. No effort is being spared by the Nazis to obtain recruits from outside their own country in order to replace the men called for military service.

£50 GIFT
ADMIRAL D'ARGENLIEU TO PATRIOTIC FUND

In an address to the French Legion Marshal Petain, now a truly pathetic figure, declared that many Frenchmen, under a cloak of patriotism, were striving for revolt. This veteran soldier, who was so notable a figure in the last war, is a victim of pessimism and disillusionment. The past is dead, he says, and under the direction of the sinister and treacherous Laval, his Government will pursue the accomplishment of the national revolution. This means, presumably, co-operation with and submission to Germany. Now we are informed from Paris that Gauleiter Sauckel has ordered a 54-hour week for workers in the occupied territories, bringing non-German workers into line with German workers in Germany. No effort is being spared by the Nazis to obtain recruits from outside their own country in order to replace the men called for military service.

In an address to the French Legion Marshal Petain, now a truly pathetic figure, declared that many Frenchmen, under a cloak of patriotism, were striving for revolt. This veteran soldier, who was so notable a figure in the last war, is a victim of pessimism and disillusionment. The past is dead, he says, and under the direction of the sinister and treacherous Laval, his Government will pursue the accomplishment of the national revolution. This means, presumably, co-operation with and submission to Germany. Now we are informed from Paris that Gauleiter Sauckel has ordered a 54-hour week for workers in the occupied territories, bringing non-German workers into line with German workers in Germany. No effort is being spared by the Nazis to obtain recruits from outside their own country in order to replace the men called for military service.

In an address to the French Legion Marshal Petain, now a truly pathetic figure, declared that many Frenchmen, under a cloak of patriotism, were striving for revolt. This veteran soldier, who was so notable a figure in the last war, is a victim of pessimism and disillusionment. The past is dead, he says, and under the direction of the sinister and treacherous Laval, his Government will pursue the accomplishment of the national revolution. This means, presumably, co-operation with and submission to Germany. Now we are informed from Paris that Gauleiter Sauckel has ordered a 54-hour week for workers in the occupied territories, bringing non-German workers into line with German workers in Germany. No effort is being spared by the Nazis to obtain recruits from outside their own country in order to replace the men called for military service.

SKATING

In an address to the French Legion Marshal Petain, now a truly pathetic figure, declared that many Frenchmen, under a cloak of patriotism, were striving for revolt. This veteran soldier, who was so notable a figure in the last war, is a victim of pessimism and disillusionment. The past is dead, he says, and under the direction of the sinister and treacherous Laval, his Government will pursue the accomplishment of the national revolution. This means, presumably, co-operation with and submission to Germany. Now we are informed from Paris that Gauleiter Sauckel has ordered a 54-hour week for workers in the occupied territories, bringing non-German workers into line with German workers in Germany. No effort is being spared by the Nazis to obtain recruits from outside their own country in order to replace the men called for military service.

In an address to the French Legion Marshal Petain, now a truly pathetic figure, declared that many Frenchmen, under a cloak of patriotism, were striving for revolt. This veteran soldier, who was so notable a figure in the last war, is a victim of pessimism and disillusionment. The past is dead, he says, and under the direction of the sinister and treacherous Laval, his Government will pursue the accomplishment of the national revolution. This means, presumably, co-operation with and submission to Germany. Now we are informed from Paris that Gauleiter Sauckel has ordered a 54-hour week for workers in the occupied territories, bringing non-German workers into line with German workers in Germany. No effort is being spared by the Nazis to obtain recruits from outside their own country in order to replace the men called for military service.

In an address to the French Legion Marshal Petain, now a truly pathetic figure, declared that many Frenchmen, under a cloak of patriotism, were striving for revolt. This veteran soldier, who was so notable a figure in the last war, is a victim of pessimism and disillusionment. The past is dead, he says, and under the direction of the sinister and treacherous Laval, his Government will pursue the accomplishment of the national revolution. This means, presumably, co-operation with and submission to Germany. Now we are informed from Paris that Gauleiter Sauckel has ordered a 54-hour week for workers in the occupied territories, bringing non-German workers into line with German workers in Germany. No effort is being spared by the Nazis to obtain recruits from outside their own country in order to replace the men called for military service.

OBITUARY
MISS ETHEL JACKSON

In an address to the French Legion Marshal Petain, now a truly pathetic figure, declared that many Frenchmen, under a cloak of patriotism, were striving for revolt. This veteran soldier, who was so notable a figure in the last war, is a victim of pessimism and disillusionment. The past is dead, he says, and under the direction of the sinister and treacherous Laval, his Government will pursue the accomplishment of the national revolution. This means, presumably, co-operation with and submission to Germany. Now we are informed from Paris that Gauleiter Sauckel has ordered a 54-hour week for workers in the occupied territories, bringing non-German workers into line with German workers in Germany. No effort is being spared by the Nazis to obtain recruits from outside their own country in order to replace the men called for military service.

In an address to the French Legion Marshal Petain, now a truly pathetic figure, declared that many Frenchmen, under a cloak of patriotism, were striving for revolt. This veteran soldier, who was so notable a figure in the last war, is a victim of pessimism and disillusionment. The past is dead, he says, and under the direction of the sinister and treacherous Laval, his Government will pursue the accomplishment of the national revolution. This means, presumably, co-operation with and submission to Germany. Now we are informed from Paris that Gauleiter Sauckel has ordered a 54-hour week for workers in the occupied territories, bringing non-German workers into line with German workers in Germany. No effort is being spared by the Nazis to obtain recruits from outside their own country in order to replace the men called for military service.

THE AIRWAYS

In an address to the French Legion Marshal Petain, now a truly pathetic figure, declared that many Frenchmen, under a cloak of patriotism, were striving for revolt. This veteran soldier, who was so notable a figure in the last war, is a victim of pessimism and disillusionment. The past is dead, he says, and under the direction of the sinister and treacherous Laval, his Government will pursue the accomplishment of the national revolution. This means, presumably, co-operation with and submission to Germany. Now we are informed from Paris that Gauleiter Sauckel has ordered a 54-hour week for workers in the occupied territories, bringing non-German workers into line with German workers in Germany. No effort is being spared by the Nazis to obtain recruits from outside their own country in order to replace the men called for military service.

In an address to the French Legion Marshal Petain, now a truly pathetic figure, declared that many Frenchmen, under a cloak of patriotism, were striving for revolt. This veteran soldier, who was so notable a figure in the last war, is a victim of pessimism and disillusionment. The past is dead, he says, and under the direction of the sinister and treacherous Laval, his Government will pursue the accomplishment of the national revolution. This means, presumably, co-operation with and submission to Germany. Now we are informed from Paris that Gauleiter Sauckel has ordered a 54-hour week for workers in the occupied territories, bringing non-German workers into line with German workers in Germany. No effort is being spared by the Nazis to obtain recruits from outside their own country in order to replace the men called for military service.

STILL A MYSTERY
THE WAIROA DOUBLE TRAGEDY

In an address to the French Legion Marshal Petain, now a truly pathetic figure, declared that many Frenchmen, under a cloak of patriotism, were striving for revolt. This veteran soldier, who was so notable a figure in the last war, is a victim of pessimism and disillusionment. The past is dead, he says, and under the direction of the sinister and treacherous Laval, his Government will pursue the accomplishment of the national revolution. This means, presumably, co-operation with and submission to Germany. Now we are informed from Paris that Gauleiter Sauckel has ordered a 54-hour week for workers in the occupied territories, bringing non-German workers into line with German workers in Germany. No effort is being spared by the Nazis to obtain recruits from outside their own country in order to replace the men called for military service.

In an address to the French Legion Marshal Petain, now a truly pathetic figure, declared that many Frenchmen, under a cloak of patriotism, were striving for revolt. This veteran soldier, who was so notable a figure in the last war, is a victim of pessimism and disillusionment. The past is dead, he says, and under the direction of the sinister and treacherous Laval, his Government will pursue the accomplishment of the national revolution. This means, presumably, co-operation with and submission to Germany. Now we are informed from Paris that Gauleiter Sauckel has ordered a 54-hour week for workers in the occupied territories, bringing non-German workers into line with German workers in Germany. No effort is being spared by the Nazis to obtain recruits from outside their own country in order to replace the men called for military service.

In an address to the French Legion Marshal Petain, now a truly pathetic figure, declared that many Frenchmen, under a cloak of patriotism, were striving for revolt. This veteran soldier, who was so notable a figure in the last war, is a victim of pessimism and disillusionment. The past is dead, he says, and under the direction of the sinister and treacherous Laval, his Government will pursue the accomplishment of the national revolution. This means, presumably, co-operation with and submission to Germany. Now we are informed from Paris that Gauleiter Sauckel has ordered a 54-hour week for workers in the occupied territories, bringing non-German workers into line with German workers in Germany. No effort is being spared by the Nazis to obtain recruits from outside their own country in order to replace the men called for military service.

In an address to the French Legion Marshal Petain, now a truly pathetic figure, declared that many Frenchmen, under a cloak of patriotism, were striving for revolt. This veteran soldier, who was so notable a figure in the last war, is a victim of pessimism and disillusionment. The past is dead, he says, and under the direction of the sinister and treacherous Laval, his Government will pursue the accomplishment of the national revolution. This means, presumably, co-operation with and submission to Germany. Now we are informed from Paris that Gauleiter Sauckel has ordered a 54-hour week for workers in the occupied territories, bringing non-German workers into line with German workers in Germany. No effort is being spared by the Nazis to obtain recruits from outside their own country in order to replace the men called for military service.

In an address to the French Legion Marshal Petain, now a truly pathetic figure, declared that many Frenchmen, under a cloak of patriotism, were striving for revolt. This veteran soldier, who was so notable a figure in the last war, is a victim of pessimism and disillusionment. The past is dead, he says, and under the direction of the sinister and treacherous Laval, his Government will pursue the accomplishment of the national revolution. This means, presumably, co-operation with and submission to Germany. Now we are informed from Paris that Gauleiter Sauckel has ordered a 54-hour week for workers in the occupied territories, bringing non-German workers into line with German workers in Germany. No effort is being spared by the Nazis to obtain recruits from outside their own country in order to replace the men called for military service.

In an address to the French Legion Marshal Petain, now a truly pathetic figure, declared that many Frenchmen, under a cloak of patriotism, were striving for revolt. This veteran soldier, who was so notable a figure in the last war, is a victim of pessimism and disillusionment. The past is dead, he says, and under the direction of the sinister and treacherous Laval, his Government will pursue the accomplishment of the national revolution. This means, presumably, co-operation with and submission to Germany. Now we are informed from Paris that Gauleiter Sauckel has ordered a 54-hour week for workers in the occupied territories, bringing non-German workers into line with German workers in Germany. No effort is being spared by the Nazis to obtain recruits from outside their own country in order to replace the men called for military service.

ST. JOHN AMBULANCE
EXAMINATION RESULTS

In an address to the French Legion Marshal Petain, now a truly pathetic figure, declared that many Frenchmen, under a cloak of patriotism, were striving for revolt. This veteran soldier, who was so notable a figure in the last war, is a victim of pessimism and disillusionment. The past is dead, he says, and under the direction of the sinister and treacherous Laval, his Government will pursue the accomplishment of the national revolution. This means, presumably, co-operation with and submission to Germany. Now we are informed from Paris that Gauleiter Sauckel has ordered a 54-hour week for workers in the occupied territories, bringing non-German workers into line with German workers in Germany. No effort is being spared by the Nazis to obtain recruits from outside their own country in order to replace the men called for military service.

In an address to the French Legion Marshal Petain, now a truly pathetic figure, declared that many Frenchmen, under a cloak of patriotism, were striving for revolt. This veteran soldier, who was so notable a figure in the last war, is a victim of pessimism and disillusionment. The past is dead, he says, and under the direction of the sinister and treacherous Laval, his Government will pursue the accomplishment of the national revolution. This means, presumably, co-operation with and submission to Germany. Now we are informed from Paris that Gauleiter Sauckel has ordered a 54-hour week for workers in the occupied territories, bringing non-German workers into line with German workers in Germany. No effort is being spared by the Nazis to obtain recruits from outside their own country in order to replace the men called for military service.

In an address to the French Legion Marshal Petain, now a truly pathetic figure, declared that many Frenchmen, under a cloak of patriotism, were striving for revolt. This veteran soldier, who was so notable a figure in the last war, is a victim of pessimism and disillusionment. The past is dead, he says, and under the direction of the sinister and treacherous Laval, his Government will pursue the accomplishment of the national revolution. This means, presumably, co-operation with and submission to Germany. Now we are informed from Paris that Gauleiter Sauckel has ordered a 54-hour week for workers in the occupied territories, bringing non-German workers into line with German workers in Germany. No effort is being spared by the Nazis to obtain recruits from outside their own country in order to replace the men called for military service.

In an address to the French Legion Marshal Petain, now a truly pathetic figure, declared that many Frenchmen, under a cloak of patriotism, were striving for revolt. This veteran soldier, who was so notable a figure in the last war, is a victim of pessimism and disillusionment. The past is dead, he says, and under the direction of the sinister and treacherous Laval, his Government will pursue the accomplishment of the national revolution. This means, presumably, co-operation with and submission to Germany. Now we are informed from Paris that Gauleiter Sauckel has ordered a 54-hour week for workers in the occupied territories, bringing non-German workers into line with German workers in Germany. No effort is being spared by the Nazis to obtain recruits from outside their own country in order to replace the men called for military service.

In an address to the French Legion Marshal Petain, now a truly pathetic figure, declared that many Frenchmen, under a cloak of patriotism, were striving for revolt. This veteran soldier, who was so notable a figure in the last war, is a victim of pessimism and disillusionment. The past is dead, he says, and under the direction of the sinister and treacherous Laval, his Government will pursue the accomplishment of the national revolution. This means, presumably, co-operation with and submission to Germany. Now we are informed from Paris that Gauleiter Sauckel has ordered a 54-hour week for workers in the occupied territories, bringing non-German workers into line with German workers in Germany. No effort is being spared by the Nazis to obtain recruits from outside their own country in order to replace the men called for military service.

In an address to the French Legion Marshal Petain, now a truly pathetic figure, declared that many Frenchmen, under a cloak of patriotism, were striving for revolt. This veteran soldier, who was so notable a figure in the last war, is a victim of pessimism and disillusionment. The past is dead, he says, and under the direction of the sinister and treacherous Laval, his Government will pursue the accomplishment of the national revolution. This means, presumably, co-operation with and submission to Germany. Now we are informed from Paris that Gauleiter Sauckel has ordered a 54-hour week for workers in the occupied territories, bringing non-German workers into line with German workers in Germany. No effort is being spared by the Nazis to obtain recruits from outside their own country in order to replace the men called for military service.

MOSGIEL CLASSES.

In an address to the French Legion Marshal Petain, now a truly pathetic figure, declared that many Frenchmen, under a cloak of patriotism, were striving for revolt. This veteran soldier, who was so notable a figure in the last war, is a victim of pessimism and disillusionment. The past is dead, he says, and under the direction of the sinister and treacherous Laval, his Government will pursue the accomplishment of the national revolution. This means, presumably, co-operation with and submission to Germany. Now we are informed from Paris that Gauleiter Sauckel has ordered a 54-hour week for workers in the occupied territories, bringing non-German workers into line with German workers in Germany. No effort is being spared by the Nazis to obtain recruits from outside their own country in order to replace the men called for military service.

In an address to the French Legion Marshal Petain, now a truly pathetic figure, declared that many Frenchmen, under a cloak of patriotism, were striving for revolt. This veteran soldier, who was so notable a figure in the last war, is a victim of pessimism and disillusionment. The past is dead, he says, and under the direction of the sinister and treacherous Laval, his Government will pursue the accomplishment of the national revolution. This means, presumably, co-operation with and submission to Germany. Now we are informed from Paris that Gauleiter Sauckel has ordered a 54-hour week for workers in the occupied territories, bringing non-German workers into line with German workers in Germany. No effort is being spared by the Nazis to obtain recruits from outside their own country in order to replace the men called for military service.

HUNT CLUB RACES
GAY BOA WINS BIG EVENT
STRIP COMES TO LIGHT IN HURDLES

In an address to the French Legion Marshal Petain, now a truly pathetic figure, declared that many Frenchmen, under a cloak of patriotism, were striving for revolt. This veteran soldier, who was so notable a figure in the last war, is a victim of pessimism and disillusionment. The past is dead, he says, and under the direction of the sinister and treacherous Laval, his Government will pursue the accomplishment of the national revolution. This means, presumably, co-operation with and submission to Germany. Now we are informed from Paris that Gauleiter Sauckel has ordered a 54-hour week for workers in the occupied territories, bringing non-German workers into line with German workers in Germany. No effort is being spared by the Nazis to obtain recruits from outside their own country in order to replace the men called for military service.

In an address to the French Legion Marshal Petain, now a truly pathetic figure, declared that many Frenchmen, under a cloak of patriotism, were striving for revolt. This veteran soldier, who was so notable a figure in the last war, is a victim of pessimism and disillusionment. The past is dead, he says, and under the direction of the sinister and treacherous Laval, his Government will pursue the accomplishment of the national revolution. This means, presumably, co-operation with and submission to Germany. Now we are informed from Paris that Gauleiter Sauckel has ordered a 54-hour week for workers in the occupied territories, bringing non-German workers into line with German workers in Germany. No effort is being spared by the Nazis to obtain recruits from outside their own country in order to replace the men called for military service.

In an address to the French Legion Marshal Petain, now a truly pathetic figure, declared that many Frenchmen, under a cloak of patriotism, were striving for revolt. This veteran soldier, who was so notable a figure in the last war, is a victim of pessimism and disillusionment. The past is dead, he says, and under the direction of the sinister and treacherous Laval, his Government will pursue the accomplishment of the national revolution. This means, presumably, co-operation with and submission to Germany. Now we are informed from Paris that Gauleiter Sauckel has ordered a 54-hour week for workers in the occupied territories, bringing non-German workers into line with German workers in Germany. No effort is being spared by the Nazis to obtain recruits from outside their own country in order to replace the men called for military service.

In an address to the French Legion Marshal Petain, now a truly pathetic figure, declared that many Frenchmen, under a cloak of patriotism, were striving for revolt. This veteran soldier, who was so notable a figure in the last war, is a victim of pessimism and disillusionment. The past is dead, he says, and under the direction of the sinister and treacherous Laval, his Government will pursue the accomplishment of the national revolution. This means, presumably, co-operation with and submission to Germany. Now we are informed from Paris that Gauleiter Sauckel has ordered a 54-hour week for workers in the occupied territories, bringing non-German workers into line with German workers in Germany. No effort is being spared by the Nazis to obtain recruits from outside their own country in order to replace the men called for military service.

In an address to the French Legion Marshal Petain, now a truly pathetic figure, declared that many Frenchmen, under a cloak of patriotism, were striving for revolt. This veteran soldier, who was so notable a figure in the last war, is a victim of pessimism and disillusionment. The past is dead, he says, and under the direction of the sinister and treacherous Laval, his Government will pursue the accomplishment of the national revolution. This means, presumably, co-operation with and submission to Germany. Now we are informed from Paris that Gauleiter Sauckel has ordered a 54-hour week for workers in the occupied territories, bringing non-German workers into line with German workers in Germany. No effort is being spared by the Nazis to obtain recruits from outside their own country in order to replace the men called for military service.

In an address to the French Legion Marshal Petain, now a truly pathetic figure, declared that many Frenchmen, under a cloak of patriotism, were striving for revolt. This veteran soldier, who was so notable a figure in the last war, is a victim of pessimism and disillusionment. The past is dead, he says, and under the direction of the sinister and treacherous Laval, his Government will pursue the accomplishment of the national revolution. This means, presumably, co-operation with and submission to Germany. Now we are informed from Paris that Gauleiter Sauckel has ordered a 54-hour week for workers in the occupied territories, bringing non-German workers into line with German workers in Germany. No effort is being spared by the Nazis to obtain recruits from outside their own country in order to replace the men called for military service.

In an address to the French Legion Marshal Petain, now a truly pathetic figure, declared that many Frenchmen, under a cloak of patriotism, were striving for revolt. This veteran soldier, who was so notable a figure in the last war, is a victim of pessimism and disillusionment. The past is dead, he says, and under the direction of the sinister and treacherous Laval, his Government will pursue the accomplishment of the national revolution. This means, presumably, co-operation with and submission to Germany. Now we are informed from Paris that Gauleiter Sauckel has ordered a 54-hour week for workers in the occupied territories, bringing non-German workers into line with German workers in Germany. No effort is being spared by the Nazis to obtain recruits from outside their own country in order to replace the men called for military service.

COMFORTS FOR THE NAVY
COMPLAINT BY DUNEDIN LAD

In an address to the French Legion Marshal Petain, now a truly pathetic figure, declared that many Frenchmen, under a cloak of patriotism, were striving for revolt. This veteran soldier, who was so notable a figure in the last war, is a victim of pessimism and disillusionment. The past is dead, he says, and under the direction of the sinister and treacherous Laval, his Government will pursue the accomplishment of the national revolution. This means, presumably, co-operation with and submission to Germany. Now we are informed from Paris that Gauleiter Sauckel has ordered a 54-hour week for workers in the occupied territories, bringing non-German workers into line with German workers in Germany. No effort is being spared by the Nazis to obtain recruits from outside their own country in order to replace the men called for military service.

In an address to the French Legion Marshal Petain, now a truly pathetic figure, declared that many Frenchmen, under a cloak of patriotism, were striving for revolt. This veteran soldier, who was so notable a figure in the last war, is a victim of pessimism and disillusionment. The past is dead, he says, and under the direction of the sinister and treacherous Laval, his Government will pursue the accomplishment of the national revolution. This means, presumably, co-operation with and submission to Germany. Now we are informed from Paris that Gauleiter Sauckel has ordered a 54-hour week for workers in the occupied territories, bringing non-German workers into line with German workers in Germany. No effort is being spared by the Nazis to obtain recruits from outside their own country in order to replace the men called for military service.

In an address to the French Legion Marshal Petain, now a truly pathetic figure, declared that many Frenchmen, under a cloak of patriotism, were striving for revolt. This veteran soldier, who was so notable a figure in the last war, is a victim of pessimism and disillusionment. The past is dead, he says, and under the direction of the sinister and treacherous Laval, his Government will pursue the accomplishment of the national revolution. This means, presumably, co-operation with and submission to Germany. Now we are informed from Paris that Gauleiter Sauckel has ordered a 54-hour week for workers in the occupied territories, bringing non-German workers into line with German workers in Germany. No effort is being spared by the Nazis to obtain recruits from outside their own country in order to replace the men called for military service.

EIGHTY-SIX CHARGES
CAREER OF CRIME STOPPED

In an address to the French Legion Marshal Petain, now a truly pathetic figure, declared that many Frenchmen, under a cloak of patriotism, were striving for revolt. This veteran soldier, who was so notable a figure in the last war, is a victim of pessimism and disillusionment. The past is dead, he says, and under the direction of the sinister and treacherous Laval, his Government will pursue the accomplishment of the national revolution. This means, presumably, co-operation with and submission to Germany. Now we are informed from Paris that Gauleiter Sauckel has ordered a 54-hour week for workers in the occupied territories, bringing non-German workers into line with German workers in Germany. No effort is being spared by the Nazis to obtain recruits from outside their own country in order to replace the men called for military service.

In an address to the French Legion Marshal Petain, now a truly pathetic figure, declared that many Frenchmen, under a cloak of patriotism, were striving for revolt. This veteran soldier, who was so notable a figure in the last war, is a victim of pessimism and disillusionment. The past is dead, he says, and under the direction of the sinister and treacherous Laval, his Government will pursue the accomplishment of the national revolution. This means, presumably, co-operation with and submission to Germany. Now we are informed from Paris that Gauleiter Sauckel has ordered a 54-hour week for workers in the occupied territories, bringing non-German workers into line with German workers in Germany. No effort is being spared by the Nazis to obtain recruits from outside their own country in order to replace the men called for military service.

In an address to the French Legion Marshal Petain, now a truly pathetic figure, declared that many Frenchmen, under a cloak of patriotism, were striving for revolt. This veteran soldier, who was so notable a figure in the last war, is a victim of pessimism and disillusionment. The past is dead, he says, and under the direction of the sinister and treacherous Laval, his Government will pursue the accomplishment of the national revolution. This means, presumably, co-operation with and submission to Germany. Now we are informed from Paris that Gauleiter Sauckel has ordered a 54-hour week for workers in the occupied territories, bringing non-German workers into line with German workers in Germany. No effort is being spared by the Nazis to obtain recruits from outside their own country in order to replace the men called for military service.

PERSONAL

In an address to the French Legion Marshal Petain, now a truly pathetic figure, declared that many Frenchmen, under a cloak of patriotism, were striving for revolt. This veteran soldier, who was so notable a figure in the last war, is a victim of pessimism and disillusionment. The past is dead, he says, and under the direction of the sinister and treacherous Laval, his Government will pursue the accomplishment of the national revolution. This means, presumably, co-operation with and submission to Germany. Now we are informed from Paris that Gauleiter Sauckel has ordered a 54-hour week for workers in the occupied territories, bringing non-German workers into line with German workers in Germany. No effort is being spared by the Nazis to obtain recruits from outside their own country in order to replace the men called for military service.

In an address to the French Legion Marshal Petain, now a truly pathetic figure, declared that many Frenchmen, under a cloak of patriotism, were striving for revolt. This veteran soldier, who was so notable a figure in the last war, is a victim of pessimism and disillusionment. The past is dead, he says, and under the direction of the sinister and treacherous Laval, his Government will pursue the accomplishment of the national revolution. This means, presumably, co-operation with and submission to Germany. Now we are informed from Paris that Gauleiter Sauckel has ordered a 54-hour week for workers in the occupied territories, bringing non-German workers into line with German workers in Germany. No effort is being spared by the Nazis to obtain recruits from outside their own country in order to replace the men called for military service.

In an address to the French Legion Marshal Petain, now a truly pathetic figure, declared that many Frenchmen, under a cloak of patriotism, were striving for revolt. This veteran soldier, who was so notable a figure in the last war, is a victim of pessimism and disillusionment. The past is dead, he says, and under the direction of the sinister and treacherous Laval, his Government will pursue the accomplishment of the national revolution. This means, presumably, co-operation with and submission to Germany. Now we are informed from Paris that Gauleiter Sauckel has ordered a 54-hour week for workers in the occupied territories, bringing non-German workers into line with German workers in Germany. No effort is being spared by the Nazis to obtain recruits from outside their own country in order to replace the men called for military service.

In an address to the French Legion Marshal Petain, now a truly pathetic figure, declared that many Frenchmen, under a cloak of patriotism, were striving for revolt. This veteran soldier, who was so notable a figure in the last war, is a victim of pessimism and disillusionment. The past is dead, he says, and under the direction of the sinister and treacherous Laval, his Government will pursue the accomplishment of the national revolution. This means, presumably, co-operation with and submission to Germany. Now we are informed from Paris that Gauleiter Sauckel has ordered a 54-hour week for workers in the occupied territories, bringing non-German workers into line with German workers in Germany. No effort is being spared by the Nazis to obtain recruits from outside their own country in order to replace the men called for military service.

AIRCRAFT ACCIDENT
DUNEDIN FLYING OFFICER INJURED

In an address to the French Legion Marshal Petain, now a truly pathetic figure, declared that many Frenchmen, under a cloak of patriotism, were striving for revolt. This veteran soldier, who was so notable a figure in the last war, is a victim of pessimism and disillusionment. The past is dead, he says, and under the direction of the sinister and treacherous Laval, his Government will pursue the accomplishment of the national revolution. This means, presumably, co-operation with and submission to Germany. Now we are informed from Paris that Gauleiter Sauckel has ordered a 54-hour week for workers in the occupied territories, bringing non-German workers into line with German workers in Germany. No effort is being spared by the Nazis to obtain recruits from outside their own country in order to replace the men called for military service.

In an address to the French Legion Marshal Petain, now a truly pathetic figure, declared that many Frenchmen, under a cloak of patriotism, were striving for revolt. This veteran soldier, who was so notable a figure in the last war, is a victim of pessimism and disillusionment. The past is dead, he says, and under the direction of the sinister and treacherous Laval, his Government will pursue the accomplishment of the national revolution. This means, presumably, co-operation with and submission to Germany. Now we are informed from Paris that Gauleiter Sauckel has ordered a 54-hour week for workers in the occupied territories, bringing non-German workers into line with German workers in Germany. No effort is being spared by the Nazis to obtain recruits from outside their own country in order to replace the men called for military service.

SUPREME COURT
PRISONERS FOR SENTENCE

In an address to the French Legion Marshal Petain, now a truly pathetic figure, declared that many Frenchmen, under a cloak of patriotism, were striving for revolt. This veteran soldier, who was so notable a figure in the last war, is a victim of pessimism and disillusionment. The past is dead, he says, and under the direction of the sinister and treacherous Laval, his Government will pursue the accomplishment of the national revolution. This means, presumably, co-operation with and submission to Germany. Now we are informed from Paris that Gauleiter Sauckel has ordered a 54-hour week for workers in the occupied territories, bringing non-German workers into line with German workers in Germany. No effort is being spared by the Nazis to obtain recruits from outside their own country in order to replace the men called for military service.

In an address to the French Legion Marshal Petain, now a truly pathetic figure, declared that many Frenchmen, under a cloak of patriotism, were striving for revolt. This veteran soldier, who was so notable a figure in the last war, is a victim of pessimism and disillusionment. The past is dead, he says, and under the direction of the sinister and treacherous Laval, his Government will pursue the accomplishment of the national revolution. This means, presumably, co-operation with and submission to Germany. Now we are informed from Paris that Gauleiter Sauckel has ordered a 54-hour week for workers in the occupied territories, bringing non-German workers into line with German workers in Germany. No effort is being spared by the Nazis to obtain recruits from outside their own country in order to replace the men called for military service.

In an address to the French Legion Marshal Petain, now a truly pathetic figure, declared that many Frenchmen, under a cloak of patriotism, were striving for revolt. This veteran soldier, who was so notable a figure in the last war, is a victim of pessimism and disillusionment. The past is dead, he says, and under the direction of the sinister and treacherous Laval, his Government will pursue the accomplishment of the national revolution. This means, presumably, co-operation with and submission to Germany. Now we are informed from Paris that Gauleiter Sauckel has ordered a 54-hour week for workers in the occupied territories, bringing non-German workers into line with German workers in Germany. No effort is being spared by the Nazis to obtain recruits from outside their own country in order to replace the men called for military service.

SOUTHLAND AIRMAN'S EXPLOITS
D.F.C. FOR SQUADRON-LEADER SAXELBY

In an address to the French Legion Marshal Petain, now a truly pathetic figure, declared that many Frenchmen, under a cloak of patriotism, were striving for revolt. This veteran soldier, who was so notable a figure in the last war, is a victim of pessimism and disillusionment. The past is dead, he says, and under the direction of the sinister and treacherous Laval, his Government will pursue the accomplishment of the national revolution. This means, presumably, co-operation with and submission to Germany. Now we are informed from Paris that Gauleiter Sauckel has ordered a 54-hour week for workers in the occupied territories, bringing non-German workers into line with German workers in Germany. No effort is being spared by the Nazis to obtain recruits from outside their own country in order to replace the men called for military service.

In an address to the French Legion Marshal Petain, now a truly pathetic figure, declared that many Frenchmen, under a cloak of patriotism, were striving for revolt. This veteran soldier, who was so notable a figure in the last war, is a victim of pessimism and disillusionment. The past is dead, he says, and under the direction of the sinister and treacherous Laval, his Government will pursue the accomplishment of the national revolution. This means, presumably, co-operation with and submission to Germany. Now we are informed from Paris that Gauleiter Sauckel has ordered a 54-hour week for workers in the occupied territories, bringing non-German workers into line with German workers in Germany. No effort is being spared by the Nazis to obtain recruits from outside their own country in order to replace the men called for military service.

In an address to the French Legion Marshal Petain, now a truly pathetic figure, declared that many Frenchmen, under a cloak of patriotism, were striving for revolt. This veteran soldier, who was so notable a figure in the last war, is a victim of pessimism and disillusionment. The past is dead, he says, and under the direction of the sinister and treacherous Laval, his Government will pursue the accomplishment of the national revolution. This means, presumably, co-operation with and submission to Germany. Now we are informed from Paris that Gauleiter Sauckel has ordered a 54-hour week for workers in the occupied territories, bringing non-German workers into line with German workers in Germany. No effort is being spared by the Nazis to obtain recruits from outside their own country in order to replace the men called for military service.

INDUSTRIAL MAN POWER
SITTING OF COMMITTEE

In an address to the French Legion Marshal Petain, now a truly pathetic figure, declared that many Frenchmen, under a cloak of patriotism, were striving for revolt. This veteran soldier, who was so notable a figure in the last war, is a victim of pessimism and disillusionment. The past is dead, he says, and under the direction of the sinister and treacherous Laval, his Government will pursue the accomplishment of the national revolution. This means, presumably, co-operation with and submission to Germany. Now we are informed from Paris that Gauleiter Sauckel has ordered a 54-hour week for workers in the occupied territories, bringing non-German workers into line with German workers in Germany. No effort is being spared by the Nazis to obtain recruits from outside their own country in order to replace the men called for military service.

ACCIDENTS AND DEATHS
FALL FROM RAID SHELTER

In an address to the French Legion Marshal Petain, now a truly pathetic figure, declared that many Frenchmen, under a cloak of patriotism, were striving for revolt. This veteran soldier, who was so notable a figure in the last war, is a victim of pessimism and disillusionment. The past is dead, he says, and under the direction of the sinister and treacherous Laval, his Government will pursue the accomplishment of the national revolution. This means, presumably, co-operation with and submission to Germany. Now we are informed from Paris that Gauleiter Sauckel has ordered a 54-hour week for workers in the occupied territories, bringing non-German workers into line with German workers in Germany. No effort is being spared by the Nazis to obtain recruits from outside their own country in order to replace the men called for military service.
